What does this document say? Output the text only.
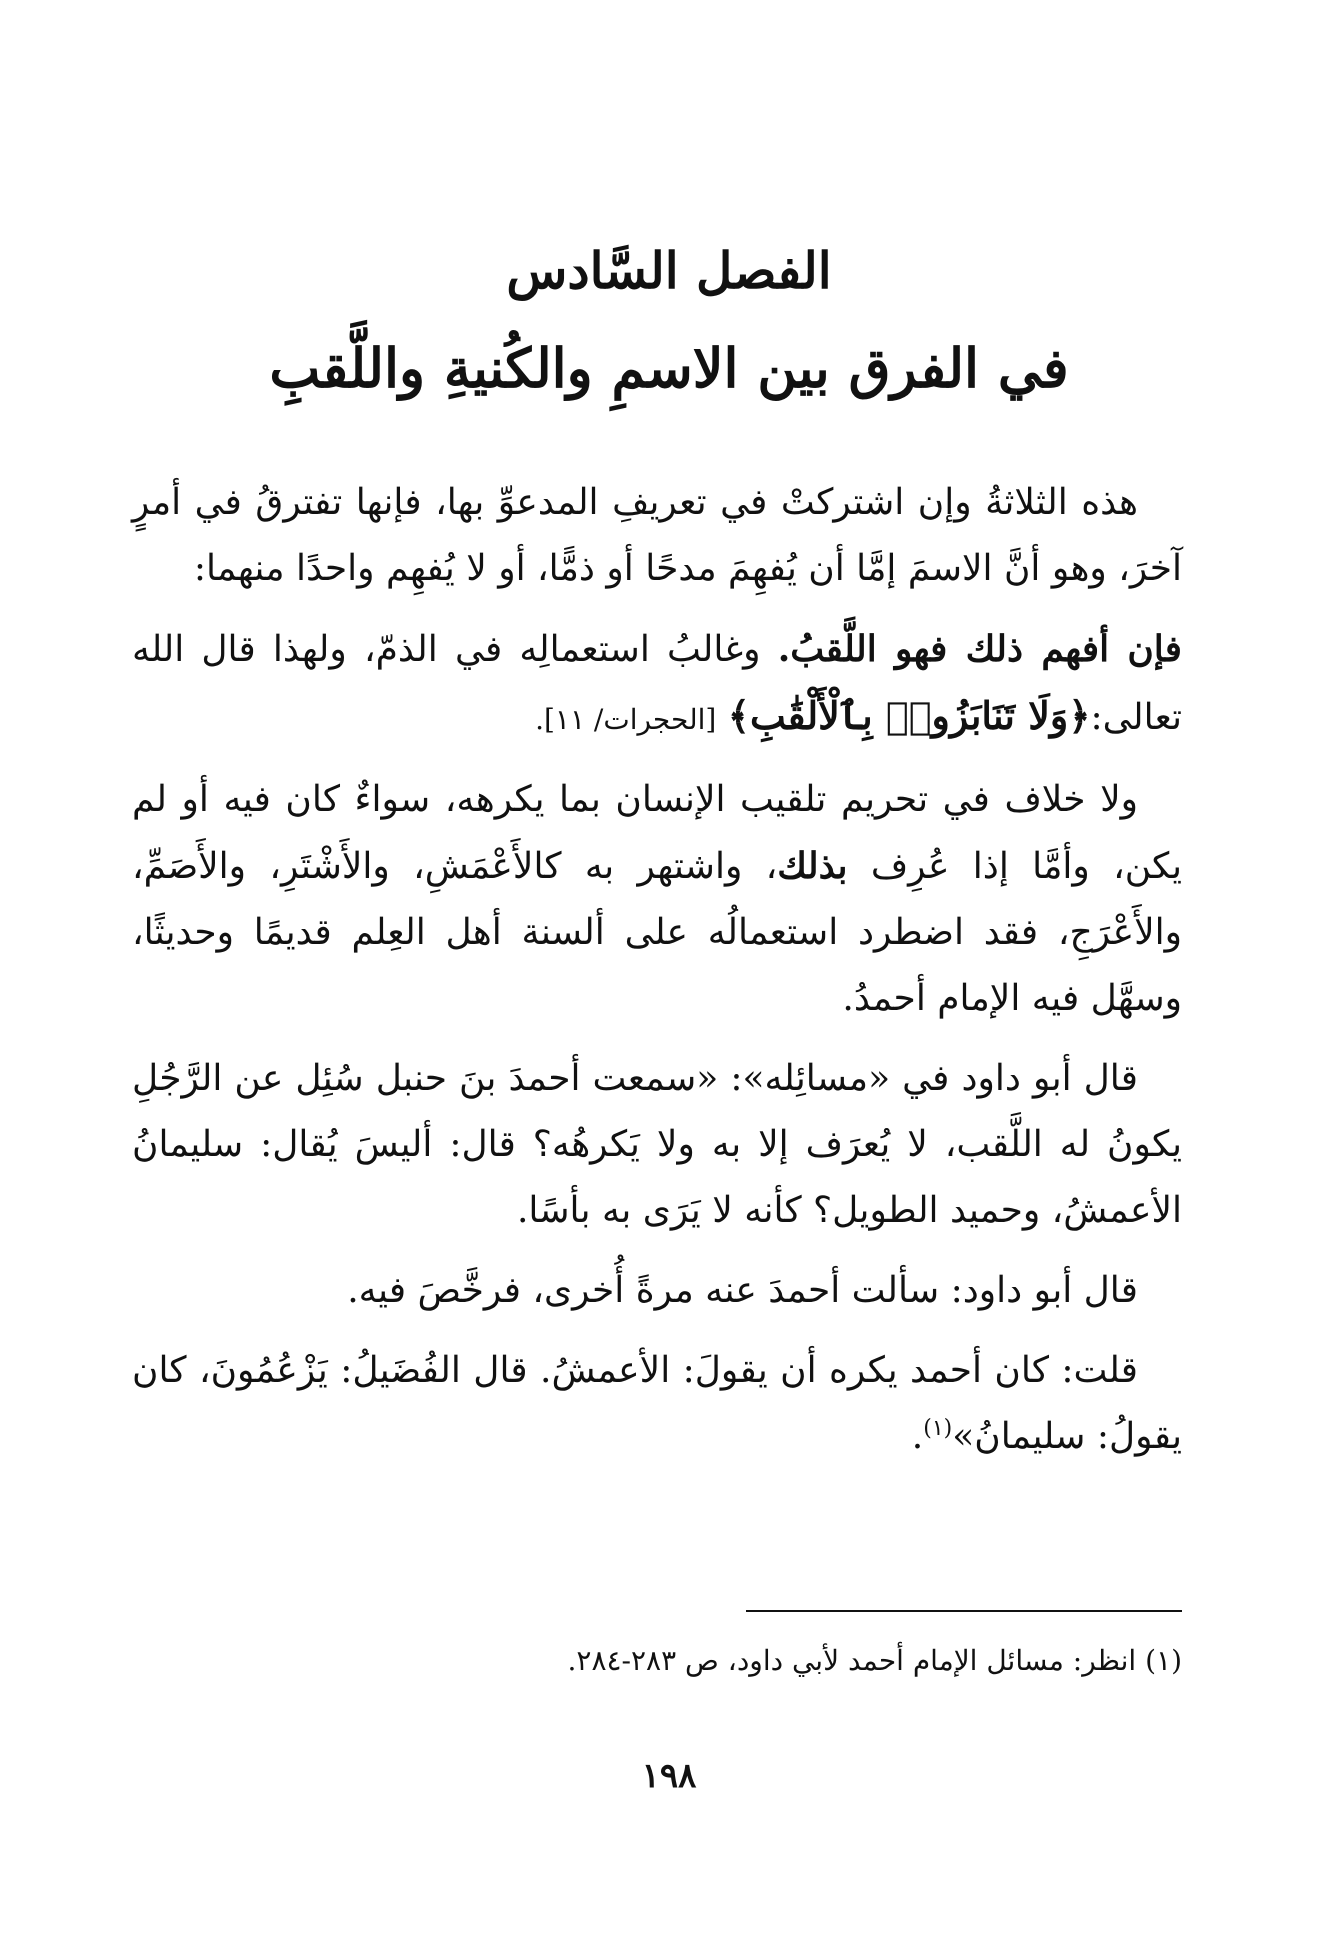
الفصل السَّادس
في الفرق بين الاسمِ والكُنيةِ واللَّقبِ

هذه الثلاثةُ وإن اشتركتْ في تعريفِ المدعوِّ بها، فإنها تفترقُ في أمرٍ آخرَ، وهو أنَّ الاسمَ إمَّا أن يُفهِمَ مدحًا أو ذمًّا، أو لا يُفهِم واحدًا منهما:

فإن أفهم ذلك فهو اللَّقبُ. وغالبُ استعمالِه في الذمّ، ولهذا قال الله تعالى:﴿وَلَا تَنَابَزُوا۟ بِٱلْأَلْقَٰبِ﴾ [الحجرات/ ١١].

ولا خلاف في تحريم تلقيب الإنسان بما يكرهه، سواءٌ كان فيه أو لم يكن، وأمَّا إذا عُرِف بذلك، واشتهر به كالأَعْمَشِ، والأَشْتَرِ، والأَصَمِّ، والأَعْرَجِ، فقد اضطرد استعمالُه على ألسنة أهل العِلم قديمًا وحديثًا، وسهَّل فيه الإمام أحمدُ.

قال أبو داود في «مسائِله»: «سمعت أحمدَ بنَ حنبل سُئِل عن الرَّجُلِ يكونُ له اللَّقب، لا يُعرَف إلا به ولا يَكرهُه؟ قال: أليسَ يُقال: سليمانُ الأعمشُ، وحميد الطويل؟ كأنه لا يَرَى به بأسًا.

قال أبو داود: سألت أحمدَ عنه مرةً أُخرى، فرخَّصَ فيه.

قلت: كان أحمد يكره أن يقولَ: الأعمشُ. قال الفُضَيلُ: يَزْعُمُونَ، كان يقولُ: سليمانُ»$^{(١)}$.

(١) انظر: مسائل الإمام أحمد لأبي داود، ص ٢٨٣-٢٨٤.
١٩٨
